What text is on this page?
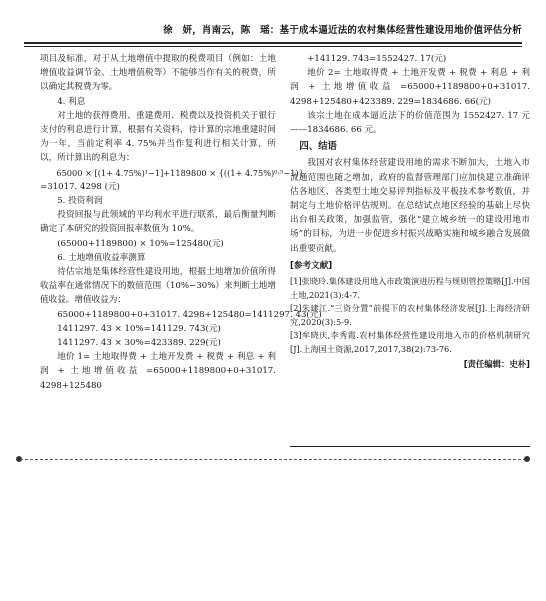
徐　妍，肖南云，陈　瑶：基于成本逼近法的农村集体经营性建设用地价值评估分析
项目及标准，对于从土地增值中提取的税费项目（例如：土地增值收益调节金、土地增值税等）不能够当作有关的税费，所以确定其税费为零。
4. 利息
对土地的获得费用、重建费用、税费以及投资机关于银行支付的利息进行计算，根据有关资料，待计算的宗地重建时间为一年，当前定利率 4. 75%并当作复利进行相关计算，所以，所计算出的利息为：
65000 × [(1+ 4.75%)¹−1]+1189800 × {((1+ 4.75%)⁰·⁵−1)}
=31017. 4298 (元)
5. 投资利润
投资回报与此领域的平均利水平进行联系，最后衡量判断确定了本研究的投资回报率数值为 10%。
(65000+1189800) × 10%=125480(元)
6. 土地增值收益率测算
待估宗地是集体经营性建设用地，根据土地增加价值所得收益率在通常情况下的数值范围（10%−30%）来判断土地增值收益。增值收益为：
65000+1189800+0+31017. 4298+125480=1411297. 43(元)
1411297. 43 × 10%=141129. 743(元)
1411297. 43 × 30%=423389. 229(元)
地价 1= 土地取得费 + 土地开发费 + 税费 + 利息 + 利润 + 土地增值收益 =65000+1189800+0+31017. 4298+125480
+141129. 743=1552427. 17(元)
地价 2= 土地取得费 + 土地开发费 + 税费 + 利息 + 利润 + 土地增值收益 =65000+1189800+0+31017. 4298+125480+423389. 229=1834686. 66(元)
该宗土地在成本逼近法下的价值范围为 1552427. 17 元——1834686. 66 元。
四、结语
我国对农村集体经营建设用地的需求不断加大，土地入市流通范围也随之增加，政府的监督管理部门应加快建立准确评估各地区、各类型土地交易评判指标及平板技术参考数值，并制定与土地价格评估规则。在总结试点地区经验的基础上尽快出台相关政策，加强监管，强化“建立城乡统一的建设用地市场”的目标，为进一步促进乡村振兴战略实施和城乡融合发展做出重要贡献。
[参考文献]
[1]张晓玲.集体建设用地入市政策演进历程与规则管控策略[J].中国土地,2021(3):4-7.
[2]朱建江.“三资分置”前提下的农村集体经济发展[J].上海经济研究,2020(3):5-9.
[3]牟晓庆,李秀霞.农村集体经营性建设用地入市的价格机制研究[J].上海国土资源,2017,2017,38(2):73-76.
[责任编辑：史朴]
